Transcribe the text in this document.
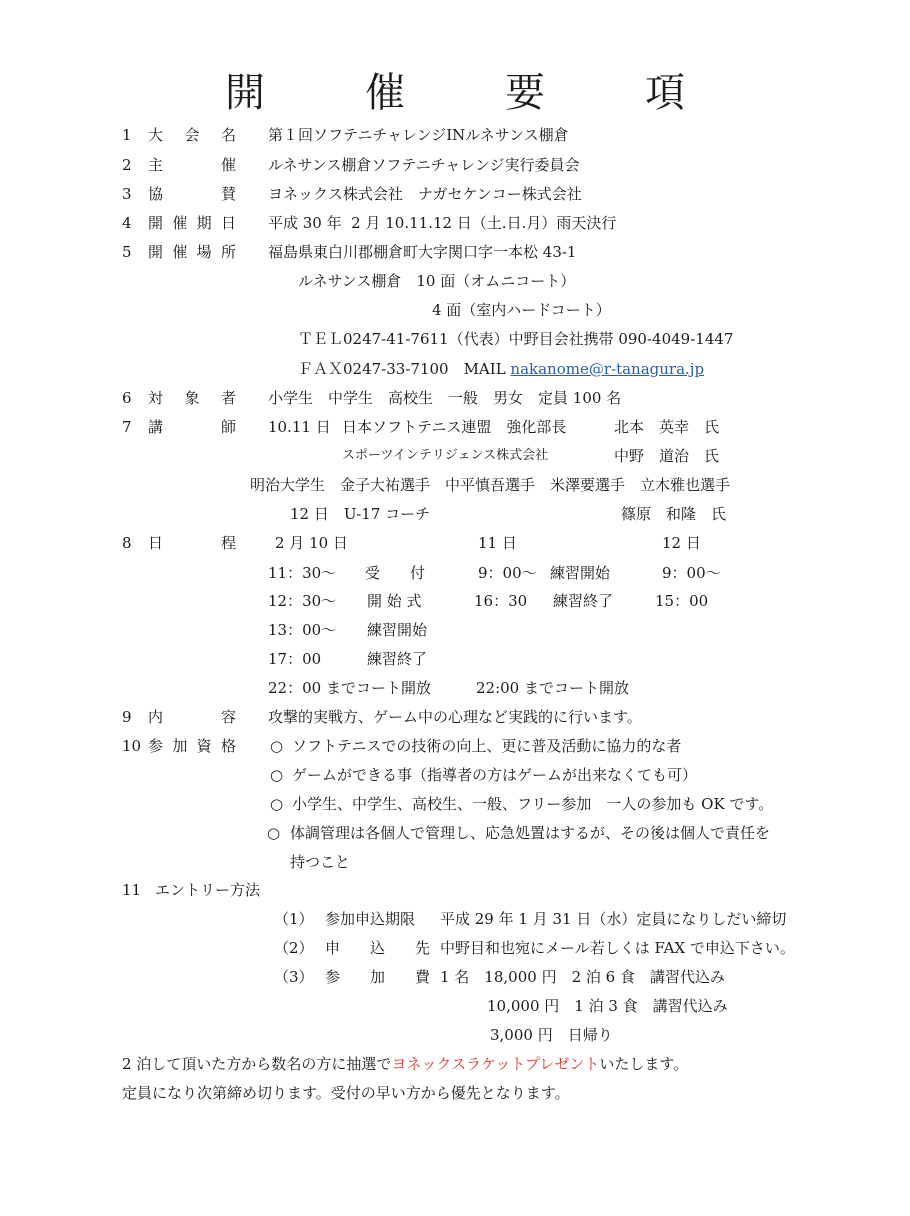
開　催　要　項
1 大 会 名 第１回ソフテニチャレンジINルネサンス棚倉
2 主	催 ルネサンス棚倉ソフテニチャレンジ実行委員会
3 協	賛 ヨネックス株式会社　ナガセケンコー株式会社
4 開 催 期 日 平成 30 年  2 月 10.11.12 日（土.日.月）雨天決行
5 開 催 場 所 福島県東白川郡棚倉町大字関口字一本松 43-1
ルネサンス棚倉　10 面（オムニコート）
4 面（室内ハードコート）
ＴＥＬ0247-41-7611（代表）中野目会社携帯 090-4049-1447
ＦＡＸ0247-33-7100　MAIL nakanome@r-tanagura.jp
6 対 象 者 小学生　中学生　高校生　一般　男女　定員 100 名
7 講	師 10.11 日 日本ソフトテニス連盟　強化部長	北本　英幸　氏
スポーツインテリジェンス株式会社	中野　道治　氏
明治大学生　金子大祐選手　中平慎吾選手　米澤要選手　立木雅也選手
12 日　U-17 コーチ	篠原　和隆　氏
8 日	程	2 月 10 日	11 日	12 日
11：30～ 受　　付	9：00～ 練習開始	9：00～
12：30～ 開 始 式	16：30 練習終了	15：00
13：00～ 練習開始
17：00	練習終了
22：00 までコート開放	22:00 までコート開放
9 内	容 攻撃的実戦方、ゲーム中の心理など実践的に行います。
10 参 加 資 格 ○ ソフトテニスでの技術の向上、更に普及活動に協力的な者
○ ゲームができる事（指導者の方はゲームが出来なくても可）
○ 小学生、中学生、高校生、一般、フリー参加　一人の参加も OK です。
○ 体調管理は各個人で管理し、応急処置はするが、その後は個人で責任を
持つこと
11 エントリー方法
（1） 参加申込期限 平成 29 年 1 月 31 日（水）定員になりしだい締切
（2） 申　　込　　先 中野目和也宛にメール若しくは FAX で申込下さい。
（3） 参　　加　　費 1 名　18,000 円　2 泊 6 食　講習代込み
10,000 円　1 泊 3 食　講習代込み
3,000 円　日帰り
2 泊して頂いた方から数名の方に抽選でヨネックスラケットプレゼントいたします。
定員になり次第締め切ります。受付の早い方から優先となります。
